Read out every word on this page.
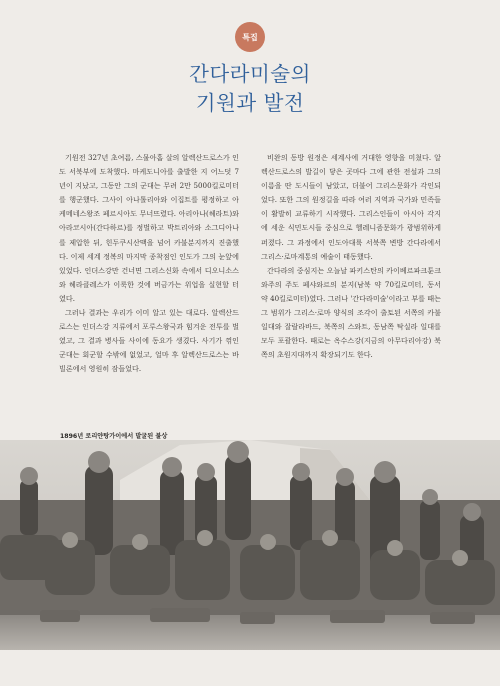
특집
간다라미술의
기원과 발전

기원전 327년 초여름, 스물아홉 살의 알렉산드로스가 인도 서북부에 도착했다. 마케도니아를 출발한 지 어느덧 7년이 지났고, 그동안 그의 군대는 무려 2만 5000킬로미터를 행군했다. 그사이 아나톨리아와 이집트를 평정하고 아케메네스왕조 페르시아도 무너뜨렸다. 아리아나(헤라트)와 아라코시아(간다하르)를 정벌하고 박트리아와 소그디아나를 제압한 뒤, 힌두쿠시산맥을 넘어 카불분지까지 진출했다. 이제 세계 정복의 마지막 종착점인 인도가 그의 눈앞에 있었다. 인더스강만 건너면 그리스신화 속에서 디오니소스와 헤라클레스가 이룩한 것에 버금가는 위업을 실현할 터였다.

그러나 결과는 우리가 이미 알고 있는 대로다. 알렉산드로스는 인더스강 지류에서 포루스왕국과 힘겨운 전투를 벌였고, 그 결과 병사들 사이에 동요가 생겼다. 사기가 꺾인 군대는 회군할 수밖에 없었고, 얼마 후 알렉산드로스는 바빌론에서 영원히 잠들었다.

비완의 동방 원정은 세계사에 거대한 영향을 미쳤다. 알렉산드로스의 발길이 닿은 곳마다 그에 관한 전설과 그의 이름을 딴 도시들이 남았고, 더불어 그리스문화가 각인되었다. 또한 그의 원정길을 따라 여러 지역과 국가와 민족들이 활발히 교류하기 시작했다. 그리스인들이 아시아 각지에 세운 식민도시들 중심으로 헬레니즘문화가 광범위하게 퍼졌다. 그 과정에서 인도아대륙 서북쪽 변방 간다라에서 그리스·로마계통의 예술이 태동했다.

간다라의 중심지는 오늘날 파키스탄의 카이베르파크툰크와주의 주도 페샤와르의 분지(남북 약 70킬로미터, 동서 약 40킬로미터)였다. 그러나 '간다라미술'이라고 부를 때는 그 범위가 그리스·로마 양식의 조각이 출토된 서쪽의 카불 일대와 잘랄라바드, 북쪽의 스와트, 동남쪽 탁실라 일대를 모두 포괄한다. 때로는 옥수스강(지금의 아무다리아강) 북쪽의 초원지대까지 확장되기도 한다.

1896년 로리얀탕가이에서 발굴된 불상
